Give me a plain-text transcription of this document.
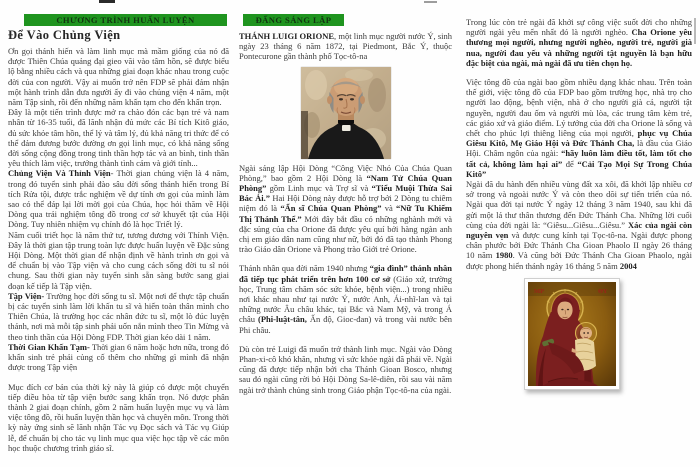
CHƯƠNG TRÌNH HUẤN LUYỆN	ĐẤNG SÁNG LẬP
Để Vào Chủng Viện

Ơn gọi thánh hiến và làm linh mục mà mầm giống của nó đã được Thiên Chúa quảng đại gieo vãi vào tâm hồn, sẽ được biểu lộ bằng nhiều cách và qua những giai đoạn khác nhau trong cuộc đời của con người. Vậy ai muốn trở nên FDP sẽ phải đảm nhận một hành trình dẫn đưa người ấy đi vào chủng viện 4 năm, một năm Tập sinh, rồi đến những năm khấn tạm cho đến khấn trọn.

Đây là một tiến trình được mở ra chào đón các bạn trẻ và nam nhân từ 16-35 tuổi, đã lãnh nhận đủ mức các Bí tích Kitô giáo, đủ sức khỏe tâm hồn, thể lý và tâm lý, đủ khả năng tri thức để có thể đảm đương bước đường ơn gọi linh mục, có khả năng sống đời sống cộng đồng trong tinh thần hợp tác và an bình, tinh thần yêu thích làm việc, trưởng thành tình cảm và giới tính...

Chủng Viện Và Thỉnh Viện- Thời gian chủng viện là 4 năm, trong đó tuyển sinh phải đào sâu đời sống thánh hiến trong Bí tích Rửa tội, được trắc nghiệm về dự tính ơn gọi của mình làm sao có thể đáp lại lời mời gọi của Chúa, học hỏi thăm về Hội Dòng qua trải nghiệm tông đồ trong cơ sở khuyết tật của Hội Dòng. Tuy nhiên nhiệm vụ chính đó là học Triết lý.

Năm cuối triết học là năm thứ tư, tương đương với Thỉnh Viện. Đây là thời gian tập trung toàn lực được huấn luyện về Đặc sủng Hội Dòng. Một thời gian để nhận định về hành trình ơn gọi và để chuẩn bị vào Tập viện và cho cung cách sống đời tu sĩ nói chung. Sau thời gian này tuyển sinh sẵn sàng bước sang giai đoạn kế tiếp là Tập viện.

Tập Viện- Trường học đời sống tu sĩ. Một nơi để thực tập chuẩn bị các tuyển sinh làm lời khấn tu sĩ và hiến toàn thân mình cho Thiên Chúa, là trường học các nhân đức tu sĩ, một lò đúc luyện thánh, nơi mà mỗi tập sinh phải uốn nắn mình theo Tin Mừng và theo tinh thần của Hội Dòng FDP. Thời gian kéo dài 1 năm.

Thời Gian Khấn Tạm- Thời gian 6 năm hoặc hơn nữa, trong đó khấn sinh trẻ phải củng cố thêm cho những gì mình đã nhận được trong Tập viện

Mục đích cơ bản của thời kỳ này là giúp có được một chuyển tiếp điều hòa từ tập viện bước sang khấn trọn. Nó được phân thành 2 giai đoạn chính, gồm 2 năm huấn luyện mục vụ và làm việc tông đồ, rồi huấn luyện thần học và chuyên môn. Trong thời kỳ này ứng sinh sẽ lãnh nhận Tác vụ Đọc sách và Tác vụ Giúp lễ, để chuẩn bị cho tác vụ linh mục qua việc học tập về các môn học thuộc chương trình giáo sĩ.

THÁNH LUIGI ORIONE, một linh mục người nước Ý, sinh ngày 23 tháng 6 năm 1872, tại Piedmont, Bắc Ý, thuộc Pontecurone gần thành phố Tọc-tô-na

Ngài sáng lập Hội Dòng “Công Việc Nhỏ Của Chúa Quan Phòng,” bao gồm 2 Hội Dòng là “Nam Tử Chúa Quan Phòng” gồm Linh mục và Trợ sĩ và “Tiểu Muội Thừa Sai Bác Ái.” Hai Hội Dòng này được hỗ trợ bởi 2 Dòng tu chiêm niệm đó là “Ẩn sĩ Chúa Quan Phòng” và “Nữ Tu Khiếm Thị Thánh Thể.” Mới đây bắt đầu có những nghành mới và đặc sủng của cha Orione đã được yêu quí bởi hàng ngàn anh chị em giáo dân nam cũng như nữ, bởi đó đã tạo thành Phong trào Giáo dân Orione và Phong trào Giới trẻ Orione.

Thánh nhân qua đời năm 1940 nhưng “gia đình” thánh nhân đã tiếp tục phát triển trên hơn 100 cơ sở (Giáo xứ, trường học, Trung tâm chăm sóc sức khỏe, bệnh viện...) trong nhiều nơi khác nhau như tại nước Ý, nước Anh, Ái-nhĩ-lan và tại những nước Âu châu khác, tại Bắc và Nam Mỹ, và trong Á châu (Phi-luật-tân, Ấn độ, Gioc-đan) và trong vài nước bên Phi châu.

Dù còn trẻ Luigi đã muốn trở thành linh mục. Ngài vào Dòng Phan-xi-cô khó khăn, nhưng vì sức khỏe ngài đã phải về. Ngài cũng đã được tiếp nhận bởi cha Thánh Gioan Bosco, nhưng sau đó ngài cũng rời bỏ Hội Dòng Sa-lê-diên, rồi sau vài năm ngài trở thành chủng sinh trong Giáo phận Tọc-tô-na của ngài.

Trong lúc còn trẻ ngài đã khởi sự công việc suốt đời cho những người ngài yêu mến nhất đó là người nghèo. Cha Orione yêu thương mọi người, nhưng người nghèo, người trẻ, người già nua, người đau yếu và những người tật nguyền là bạn hữu đặc biệt của ngài, mà ngài đã ưu tiên chọn họ.

Việc tông đồ của ngài bao gồm nhiều dạng khác nhau. Trên toàn thế giới, việc tông đồ của FDP bao gồm trường học, nhà trọ cho người lao động, bệnh viện, nhà ở cho người già cả, người tật nguyền, người đau ốm và người mù lòa, các trung tâm kèm trẻ, các giáo xứ và giáo điểm. Lý tưởng của đời cha Orione là sống và chết cho phúc lợi thiêng liêng của mọi người, phục vụ Chúa Giêsu Kitô, Mẹ Giáo Hội và Đức Thánh Cha, là đầu của Giáo Hội. Châm ngôn của ngài: “hãy luôn làm điều tốt, làm tốt cho tất cả, không làm hại ai” để “Cải Tạo Mọi Sự Trong Chúa Kitô”

Ngài đã du hành đến nhiều vùng đất xa xôi, đã khởi lập nhiều cơ sở trong và ngoài nước Ý và còn theo dõi sự tiến triển của nó. Ngài qua đời tại nước Ý ngày 12 tháng 3 năm 1940, sau khi đã gửi một lá thư thân thương đến Đức Thánh Cha. Những lời cuối cùng của đời ngài là: “Giêsu...Giêsu...Giêsu.” Xác của ngài còn nguyên vẹn và được cung kính tại Tọc-tô-na. Ngài được phong chân phước bởi Đức Thánh Cha Gioan Phaolo II ngày 26 tháng 10 năm 1980. Và cũng bởi Đức Thánh Cha Gioan Phaolo, ngài được phong hiển thánh ngày 16 tháng 5 năm 2004

ΜΡ	ΘΥ
